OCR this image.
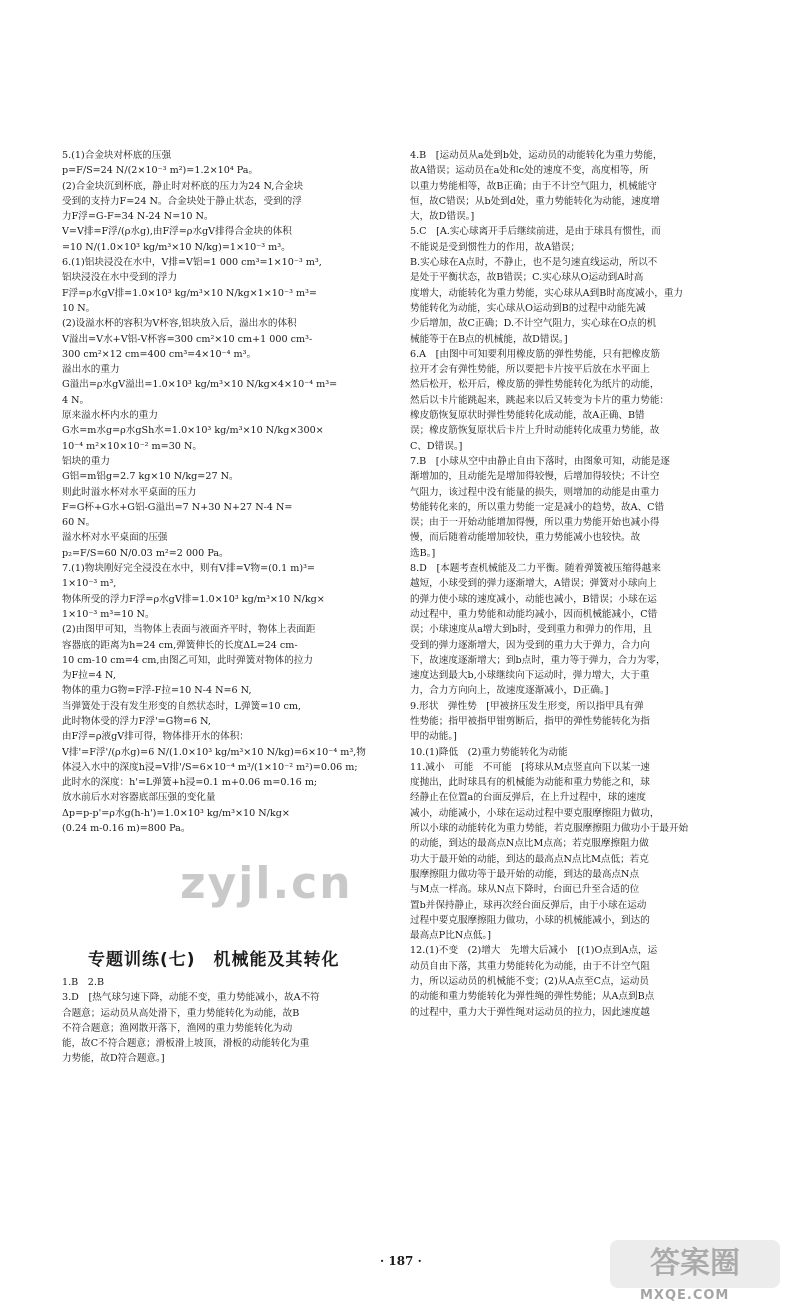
5.(1)合金块对杯底的压强
p=F/S=24 N/(2×10⁻³ m²)=1.2×10⁴ Pa。
(2)合金块沉到杯底，静止时对杯底的压力为24 N,合金块
受到的支持力F=24 N。合金块处于静止状态，受到的浮
力F浮=G-F=34 N-24 N=10 N。
V=V排=F浮/(ρ水g),由F浮=ρ水gV排得合金块的体积
=10 N/(1.0×10³ kg/m³×10 N/kg)=1×10⁻³ m³。
6.(1)铝块浸没在水中，V排=V铝=1 000 cm³=1×10⁻³ m³,
铝块浸没在水中受到的浮力
F浮=ρ水gV排=1.0×10³ kg/m³×10 N/kg×1×10⁻³ m³=
10 N。
(2)设溢水杯的容积为V杯容,铝块放入后，溢出水的体积
V溢出=V水+V铝-V杯容=300 cm²×10 cm+1 000 cm³-
300 cm²×12 cm=400 cm³=4×10⁻⁴ m³。
溢出水的重力
G溢出=ρ水gV溢出=1.0×10³ kg/m³×10 N/kg×4×10⁻⁴ m³=
4 N。
原来溢水杯内水的重力
G水=m水g=ρ水gSh水=1.0×10³ kg/m³×10 N/kg×300×
10⁻⁴ m²×10×10⁻² m=30 N。
铝块的重力
G铝=m铝g=2.7 kg×10 N/kg=27 N。
则此时溢水杯对水平桌面的压力
F=G杯+G水+G铝-G溢出=7 N+30 N+27 N-4 N=
60 N。
溢水杯对水平桌面的压强
p₂=F/S=60 N/0.03 m²=2 000 Pa。
7.(1)物块刚好完全浸没在水中，则有V排=V物=(0.1 m)³=
1×10⁻³ m³,
物体所受的浮力F浮=ρ水gV排=1.0×10³ kg/m³×10 N/kg×
1×10⁻³ m³=10 N。
(2)由图甲可知，当物体上表面与液面齐平时，物体上表面距
容器底的距离为h=24 cm,弹簧伸长的长度ΔL=24 cm-
10 cm-10 cm=4 cm,由图乙可知，此时弹簧对物体的拉力
为F拉=4 N,
物体的重力G物=F浮-F拉=10 N-4 N=6 N,
当弹簧处于没有发生形变的自然状态时，L弹簧=10 cm,
此时物体受的浮力F浮'=G物=6 N,
由F浮=ρ液gV排可得，物体排开水的体积：
V排'=F浮'/(ρ水g)=6 N/(1.0×10³ kg/m³×10 N/kg)=6×10⁻⁴ m³,物
体浸入水中的深度h浸=V排'/S=6×10⁻⁴ m³/(1×10⁻² m²)=0.06 m;
此时水的深度：h'=L弹簧+h浸=0.1 m+0.06 m=0.16 m;
放水前后水对容器底部压强的变化量
Δp=p-p'=ρ水g(h-h')=1.0×10³ kg/m³×10 N/kg×
(0.24 m-0.16 m)=800 Pa。
专题训练(七)　机械能及其转化
4.B　[运动员从a处到b处，运动员的动能转化为重力势能，
故A错误；运动员在a处和c处的速度不变，高度相等，所
以重力势能相等，故B正确；由于不计空气阻力，机械能守
恒，故C错误；从b处到d处，重力势能转化为动能，速度增
大，故D错误。]
5.C　[A.实心球离开手后继续前进，是由于球具有惯性，而
不能说是受到惯性力的作用，故A错误；
B.实心球在A点时，不静止，也不是匀速直线运动，所以不
是处于平衡状态，故B错误；C.实心球从O运动到A时高
度增大，动能转化为重力势能，实心球从A到B时高度减小，重力
势能转化为动能，实心球从O运动到B的过程中动能先减
少后增加，故C正确；D.不计空气阻力，实心球在O点的机
械能等于在B点的机械能，故D错误。]
6.A　[由图中可知要利用橡皮筋的弹性势能，只有把橡皮筋
拉开才会有弹性势能，所以要把卡片按平后放在水平面上
然后松开，松开后，橡皮筋的弹性势能转化为纸片的动能，
然后以卡片能跳起来，跳起来以后又转变为卡片的重力势能：
橡皮筋恢复原状时弹性势能转化成动能，故A正确、B错
误；橡皮筋恢复原状后卡片上升时动能转化成重力势能，故
C、D错误。]
7.B　[小球从空中由静止自由下落时，由图象可知，动能是逐
渐增加的，且动能先是增加得较慢，后增加得较快；不计空
气阻力，该过程中没有能量的损失，则增加的动能是由重力
势能转化来的，所以重力势能一定是减小的趋势，故A、C错
误；由于一开始动能增加得慢，所以重力势能开始也减小得
慢，而后随着动能增加较快，重力势能减小也较快。故
选B。]
8.D　[本题考查机械能及二力平衡。随着弹簧被压缩得越来
越短，小球受到的弹力逐渐增大，A错误；弹簧对小球向上
的弹力使小球的速度减小，动能也减小，B错误；小球在运
动过程中，重力势能和动能均减小，因而机械能减小，C错
误；小球速度从a增大到b时，受到重力和弹力的作用，且
受到的弹力逐渐增大，因为受到的重力大于弹力，合力向
下，故速度逐渐增大；到b点时，重力等于弹力，合力为零，
速度达到最大b,小球继续向下运动时，弹力增大，大于重
力，合力方向向上，故速度逐渐减小，D正确。]
9.形状　弹性势　[甲被挤压发生形变，所以指甲具有弹
性势能；指甲被指甲钳剪断后，指甲的弹性势能转化为指
甲的动能。]
10.(1)降低　(2)重力势能转化为动能
11.减小　可能　不可能　[将球从M点竖直向下以某一速
度抛出，此时球具有的机械能为动能和重力势能之和，球
经静止在位置a的台面反弹后，在上升过程中，球的速度
减小，动能减小，小球在运动过程中要克服摩擦阻力做功，
所以小球的动能转化为重力势能，若克服摩擦阻力做功小于最开始
的动能，到达的最高点N点比M点高；若克服摩擦阻力做
功大于最开始的动能，到达的最高点N点比M点低；若克
服摩擦阻力做功等于最开始的动能，到达的最高点N点
与M点一样高。球从N点下降时，台面已升至合适的位
置b并保持静止，球再次经台面反弹后，由于小球在运动
过程中要克服摩擦阻力做功，小球的机械能减小，到达的
最高点P比N点低。]
12.(1)不变　(2)增大　先增大后减小　[(1)O点到A点，运
动员自由下落，其重力势能转化为动能，由于不计空气阻
力，所以运动员的机械能不变；(2)从A点至C点，运动员
的动能和重力势能转化为弹性绳的弹性势能；从A点到B点
的过程中，重力大于弹性绳对运动员的拉力，因此速度越
· 187 ·
zyjl.cn
答案圈
MXQE.COM
1.B　2.B
3.D　[热气球匀速下降，动能不变，重力势能减小，故A不符
合题意；运动员从高处滑下，重力势能转化为动能，故B
不符合题意；渔网散开落下，渔网的重力势能转化为动
能，故C不符合题意；滑板滑上坡顶，滑板的动能转化为重
力势能，故D符合题意。]
